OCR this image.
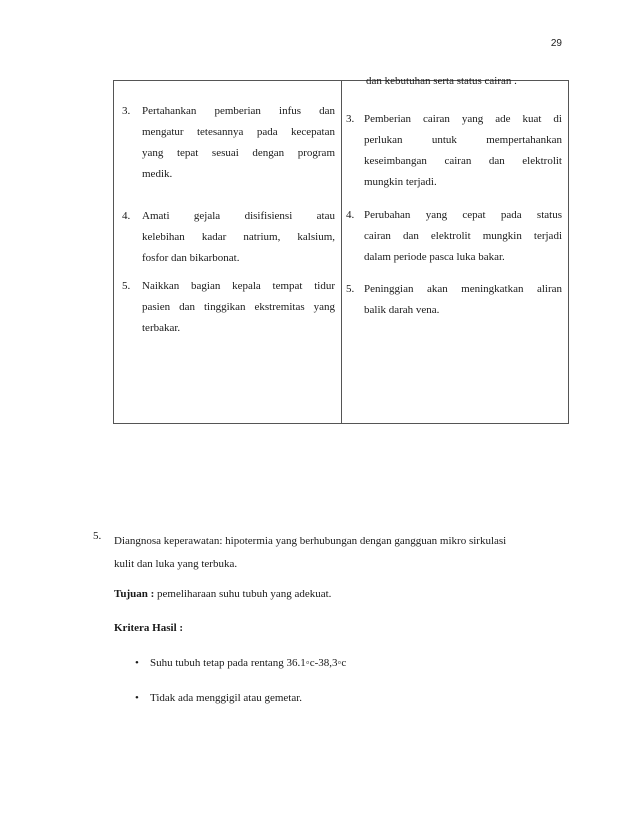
29
dan kebutuhan serta status cairan .
3. Pertahankan pemberian infus dan
mengatur tetesannya pada kecepatan
yang tepat sesuai dengan program
medik.
4. Amati gejala disifisiensi atau
kelebihan kadar natrium, kalsium,
fosfor dan bikarbonat.
5. Naikkan bagian kepala tempat tidur
pasien dan tinggikan ekstremitas yang
terbakar.
3. Pemberian cairan yang ade kuat di
perlukan untuk mempertahankan
keseimbangan cairan dan elektrolit
mungkin terjadi.
4. Perubahan yang cepat pada status
cairan dan elektrolit mungkin terjadi
dalam periode pasca luka bakar.
5. Peninggian akan meningkatkan aliran
balik darah vena.
5. Diangnosa keperawatan: hipotermia yang berhubungan dengan gangguan mikro sirkulasi
kulit dan luka yang terbuka.
Tujuan : pemeliharaan suhu tubuh yang adekuat.
Kritera Hasil :
• Suhu tubuh tetap pada rentang 36.1◦c-38,3◦c
• Tidak ada menggigil atau gemetar.
